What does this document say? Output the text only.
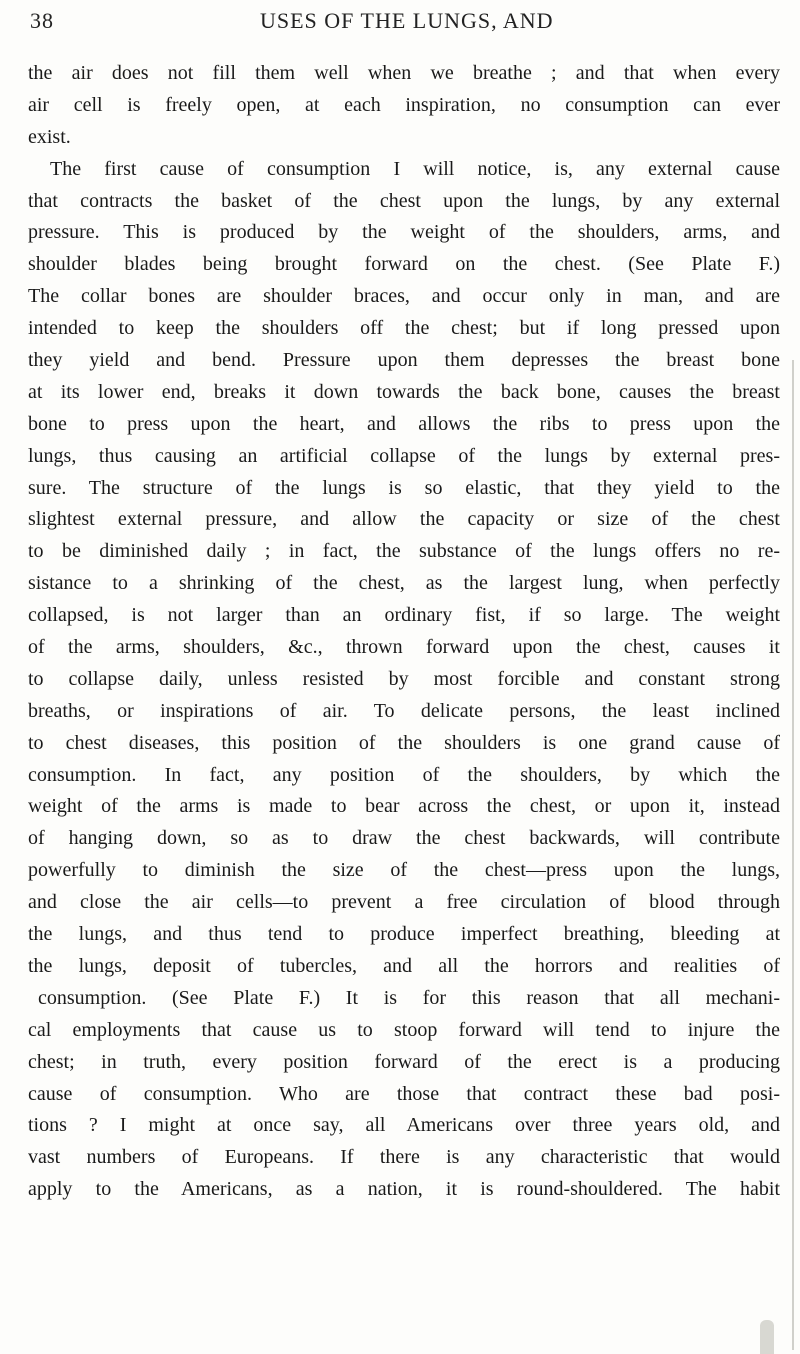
38	USES OF THE LUNGS, AND
the air does not fill them well when we breathe ; and that when every
air cell is freely open, at each inspiration, no consumption can ever
exist.
The first cause of consumption I will notice, is, any external cause
that contracts the basket of the chest upon the lungs, by any external
pressure. This is produced by the weight of the shoulders, arms, and
shoulder blades being brought forward on the chest. (See Plate F.)
The collar bones are shoulder braces, and occur only in man, and are
intended to keep the shoulders off the chest; but if long pressed upon
they yield and bend. Pressure upon them depresses the breast bone
at its lower end, breaks it down towards the back bone, causes the breast
bone to press upon the heart, and allows the ribs to press upon the
lungs, thus causing an artificial collapse of the lungs by external pres-
sure. The structure of the lungs is so elastic, that they yield to the
slightest external pressure, and allow the capacity or size of the chest
to be diminished daily ; in fact, the substance of the lungs offers no re-
sistance to a shrinking of the chest, as the largest lung, when perfectly
collapsed, is not larger than an ordinary fist, if so large. The weight
of the arms, shoulders, &c., thrown forward upon the chest, causes it
to collapse daily, unless resisted by most forcible and constant strong
breaths, or inspirations of air. To delicate persons, the least inclined
to chest diseases, this position of the shoulders is one grand cause of
consumption. In fact, any position of the shoulders, by which the
weight of the arms is made to bear across the chest, or upon it, instead
of hanging down, so as to draw the chest backwards, will contribute
powerfully to diminish the size of the chest—press upon the lungs,
and close the air cells—to prevent a free circulation of blood through
the lungs, and thus tend to produce imperfect breathing, bleeding at
the lungs, deposit of tubercles, and all the horrors and realities of
consumption. (See Plate F.) It is for this reason that all mechani-
cal employments that cause us to stoop forward will tend to injure the
chest; in truth, every position forward of the erect is a producing
cause of consumption. Who are those that contract these bad posi-
tions ? I might at once say, all Americans over three years old, and
vast numbers of Europeans. If there is any characteristic that would
apply to the Americans, as a nation, it is round-shouldered. The habit
